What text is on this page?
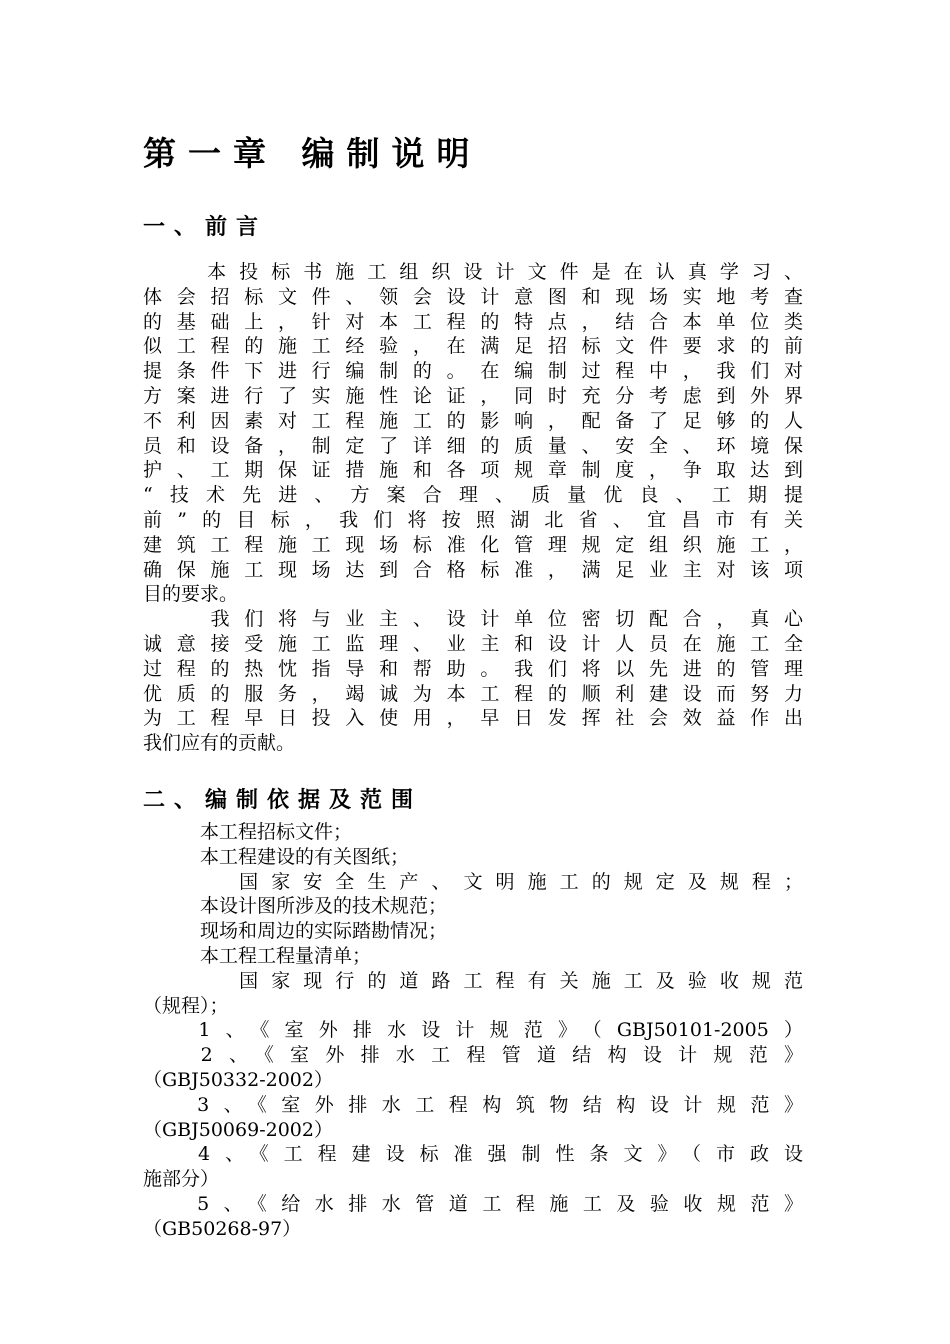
第一章 编制说明
一、前言
　　本投标书施工组织设计文件是在认真学习、
体会招标文件、领会设计意图和现场实地考查
的基础上，针对本工程的特点，结合本单位类
似工程的施工经验，在满足招标文件要求的前
提条件下进行编制的。在编制过程中，我们对
方案进行了实施性论证，同时充分考虑到外界
不利因素对工程施工的影响，配备了足够的人
员和设备，制定了详细的质量、安全、环境保
护、工期保证措施和各项规章制度，争取达到
“技术先进、方案合理、质量优良、工期提
前”的目标，我们将按照湖北省、宜昌市有关
建筑工程施工现场标准化管理规定组织施工，
确保施工现场达到合格标准，满足业主对该项
目的要求。
　　我们将与业主、设计单位密切配合，真心
诚意接受施工监理、业主和设计人员在施工全
过程的热忱指导和帮助。我们将以先进的管理
优质的服务，竭诚为本工程的顺利建设而努力
为工程早日投入使用，早日发挥社会效益作出
我们应有的贡献。
二、编制依据及范围
　　　本工程招标文件；
　　　本工程建设的有关图纸；
　　　国家安全生产、文明施工的规定及规程；
　　　本设计图所涉及的技术规范；
　　　现场和周边的实际踏勘情况；
　　　本工程工程量清单；
　　　国家现行的道路工程有关施工及验收规范
（规程）；
　 1、《室外排水设计规范》（GBJ50101-2005）
　 2、《室外排水工程管道结构设计规范》
（GBJ50332-2002）
　 3、《室外排水工程构筑物结构设计规范》
（GBJ50069-2002）
　 4、《工程建设标准强制性条文》（市政设
施部分）
　 5、《给水排水管道工程施工及验收规范》
（GB50268-97）
